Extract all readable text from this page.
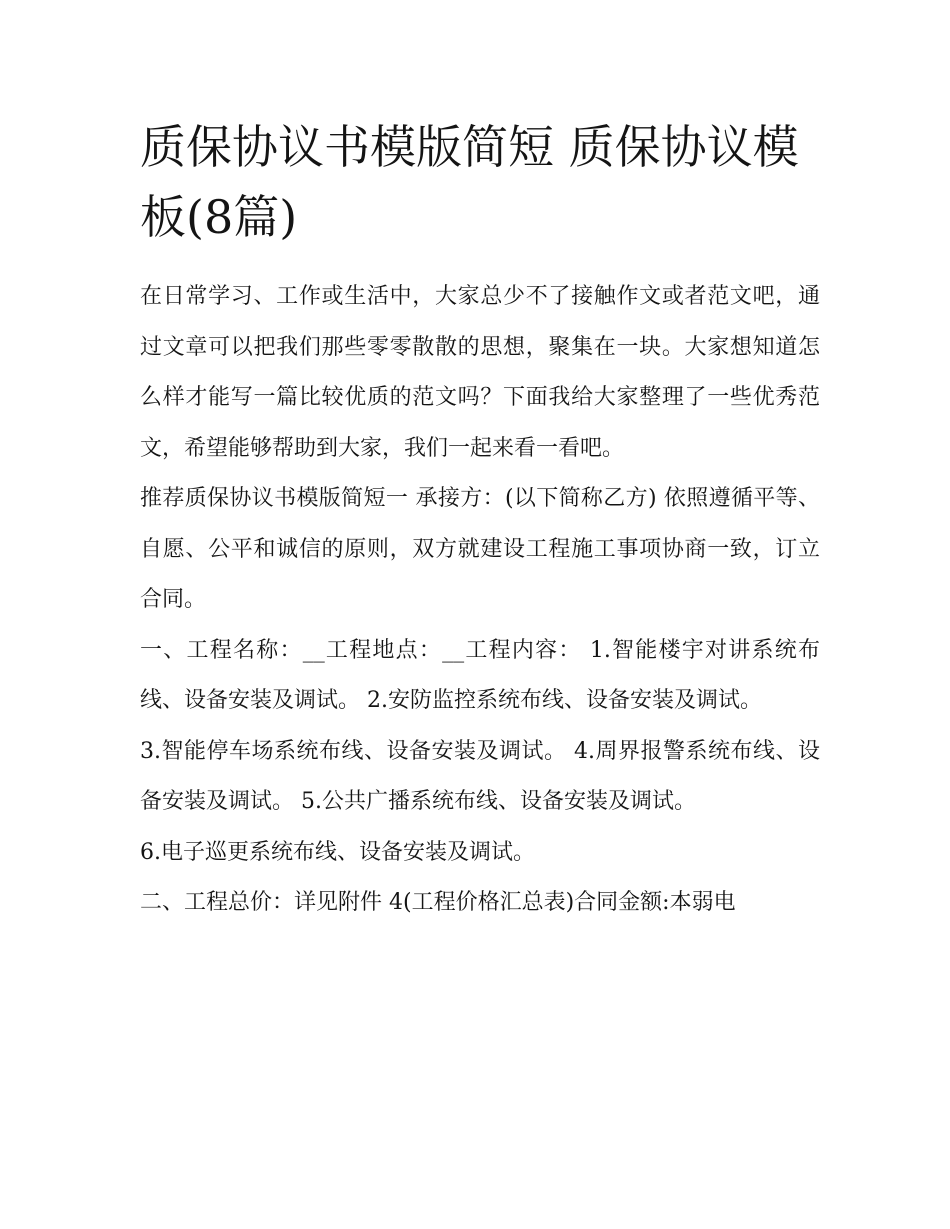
质保协议书模版简短 质保协议模板(8篇)

在日常学习、工作或生活中，大家总少不了接触作文或者范文吧，通过文章可以把我们那些零零散散的思想，聚集在一块。大家想知道怎么样才能写一篇比较优质的范文吗？下面我给大家整理了一些优秀范文，希望能够帮助到大家，我们一起来看一看吧。

推荐质保协议书模版简短一 承接方：(以下简称乙方) 依照遵循平等、自愿、公平和诚信的原则，双方就建设工程施工事项协商一致，订立合同。

一、工程名称：__工程地点：__工程内容： 1.智能楼宇对讲系统布线、设备安装及调试。 2.安防监控系统布线、设备安装及调试。

3.智能停车场系统布线、设备安装及调试。 4.周界报警系统布线、设备安装及调试。 5.公共广播系统布线、设备安装及调试。

6.电子巡更系统布线、设备安装及调试。

二、工程总价：详见附件 4(工程价格汇总表)合同金额:本弱电
